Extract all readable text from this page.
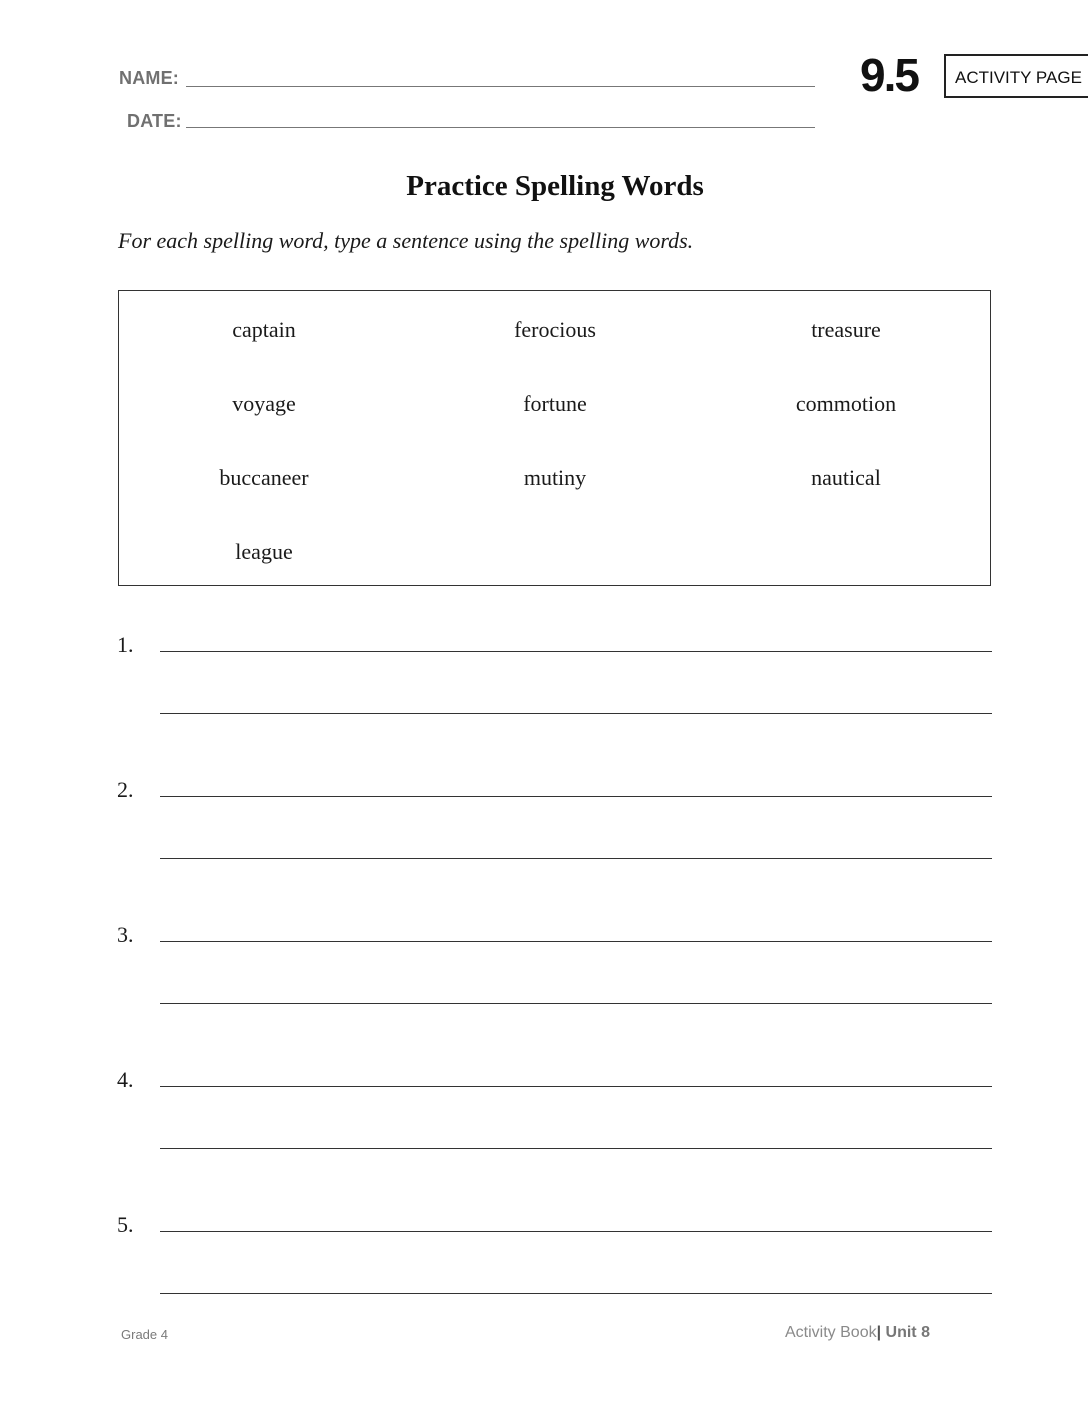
NAME:
DATE:
9.5	ACTIVITY PAGE
Practice Spelling Words
For each spelling word, type a sentence using the spelling words.
captain	ferocious	treasure
voyage	fortune	commotion
buccaneer	mutiny	nautical
league
1.
2.
3.
4.
5.
Grade 4	Activity Book| Unit 8
